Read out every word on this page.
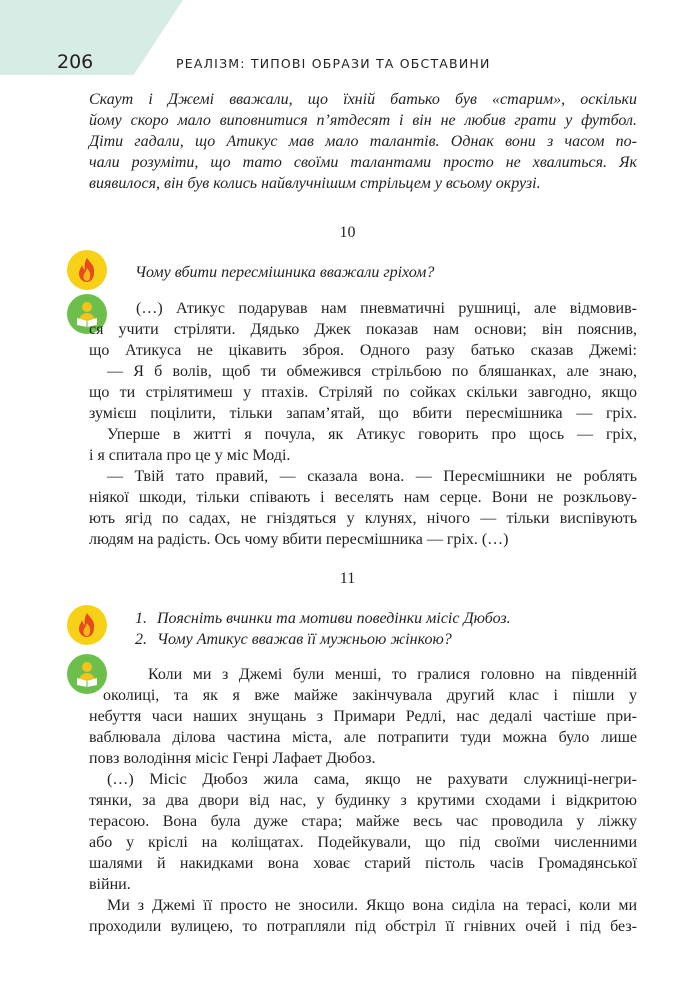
206	РЕАЛІЗМ: ТИПОВІ ОБРАЗИ ТА ОБСТАВИНИ
Скаут і Джемі вважали, що їхній батько був «старим», оскільки
йому скоро мало виповнитися п’ятдесят і він не любив грати у футбол.
Діти гадали, що Атикус мав мало талантів. Однак вони з часом по-
чали розуміти, що тато своїми талантами просто не хвалиться. Як
виявилося, він був колись найвлучнішим стрільцем у всьому окрузі.
10
Чому вбити пересмішника вважали гріхом?
(…) Атикус подарував нам пневматичні рушниці, але відмовив-
ся учити стріляти. Дядько Джек показав нам основи; він пояснив,
що Атикуса не цікавить зброя. Одного разу батько сказав Джемі:
— Я б волів, щоб ти обмежився стрільбою по бляшанках, але знаю,
що ти стрілятимеш у птахів. Стріляй по сойках скільки завгодно, якщо
зумієш поцілити, тільки запам’ятай, що вбити пересмішника — гріх.
Уперше в житті я почула, як Атикус говорить про щось — гріх,
і я спитала про це у міс Моді.
— Твій тато правий, — сказала вона. — Пересмішники не роблять
ніякої шкоди, тільки співають і веселять нам серце. Вони не розкльову-
ють ягід по садах, не гніздяться у клунях, нічого — тільки виспівують
людям на радість. Ось чому вбити пересмішника — гріх. (…)
11
1. Поясніть вчинки та мотиви поведінки місіс Дюбоз.
2. Чому Атикус вважав її мужньою жінкою?
Коли ми з Джемі були менші, то гралися головно на південній
околиці, та як я вже майже закінчувала другий клас і пішли у
небуття часи наших знущань з Примари Редлі, нас дедалі частіше при-
ваблювала ділова частина міста, але потрапити туди можна було лише
повз володіння місіс Генрі Лафает Дюбоз.
(…) Місіс Дюбоз жила сама, якщо не рахувати служниці-негри-
тянки, за два двори від нас, у будинку з крутими сходами і відкритою
терасою. Вона була дуже стара; майже весь час проводила у ліжку
або у кріслі на коліщатах. Подейкували, що під своїми численними
шалями й накидками вона ховає старий пістоль часів Громадянської
війни.
Ми з Джемі її просто не зносили. Якщо вона сиділа на терасі, коли ми
проходили вулицею, то потрапляли під обстріл її гнівних очей і під без-
